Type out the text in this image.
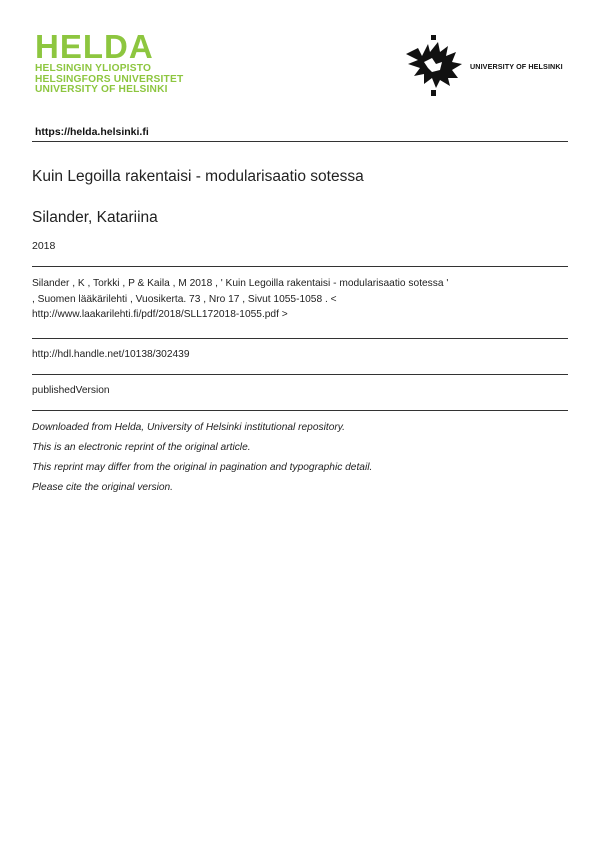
HELDA
HELSINGIN YLIOPISTO
HELSINGFORS UNIVERSITET
UNIVERSITY OF HELSINKI
UNIVERSITY OF HELSINKI
https://helda.helsinki.fi
Kuin Legoilla rakentaisi - modularisaatio sotessa
Silander, Katariina
2018
Silander , K , Torkki , P & Kaila , M 2018 , ' Kuin Legoilla rakentaisi - modularisaatio sotessa '
, Suomen lääkärilehti , Vuosikerta. 73 , Nro 17 , Sivut 1055-1058 . <
http://www.laakarilehti.fi/pdf/2018/SLL172018-1055.pdf >
http://hdl.handle.net/10138/302439
publishedVersion
Downloaded from Helda, University of Helsinki institutional repository.
This is an electronic reprint of the original article.
This reprint may differ from the original in pagination and typographic detail.
Please cite the original version.
